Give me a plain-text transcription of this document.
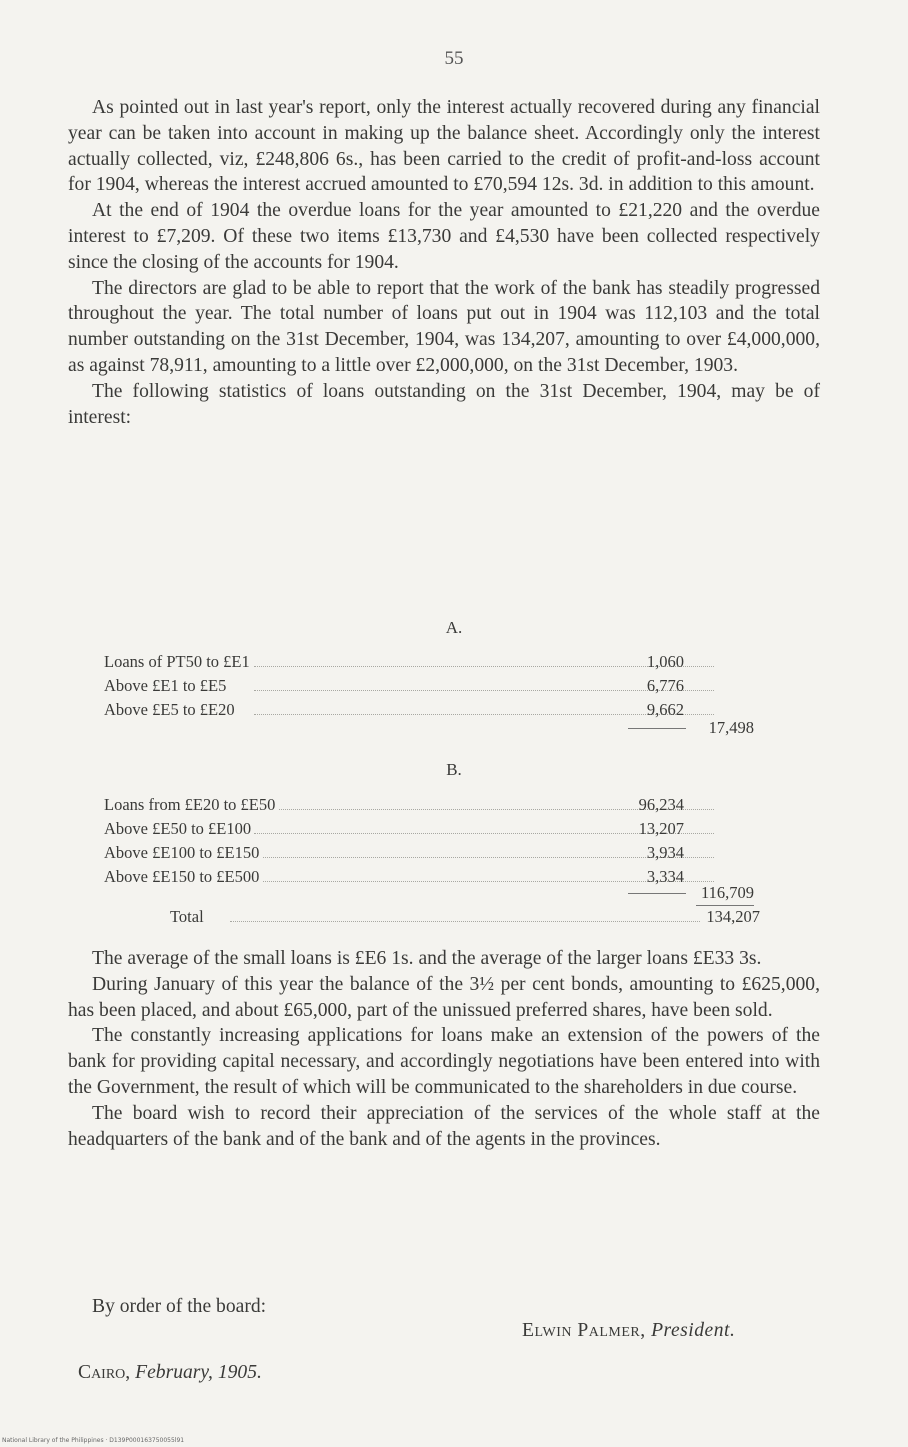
55

As pointed out in last year's report, only the interest actually recovered during any financial year can be taken into account in making up the balance sheet. Accordingly only the interest actually collected, viz, £248,806 6s., has been carried to the credit of profit-and-loss account for 1904, whereas the interest accrued amounted to £70,594 12s. 3d. in addition to this amount.

At the end of 1904 the overdue loans for the year amounted to £21,220 and the overdue interest to £7,209. Of these two items £13,730 and £4,530 have been collected respectively since the closing of the accounts for 1904.

The directors are glad to be able to report that the work of the bank has steadily progressed throughout the year. The total number of loans put out in 1904 was 112,103 and the total number outstanding on the 31st December, 1904, was 134,207, amounting to over £4,000,000, as against 78,911, amounting to a little over £2,000,000, on the 31st December, 1903.

The following statistics of loans outstanding on the 31st December, 1904, may be of interest:

A.
Loans of PT50 to £E1	1,060
Above £E1 to £E5	6,776
Above £E5 to £E20	9,662
17,498
B.
Loans from £E20 to £E50	96,234
Above £E50 to £E100	13,207
Above £E100 to £E150	3,934
Above £E150 to £E500	3,334
116,709
Total	134,207

The average of the small loans is £E6 1s. and the average of the larger loans £E33 3s.

During January of this year the balance of the 3½ per cent bonds, amounting to £625,000, has been placed, and about £65,000, part of the unissued preferred shares, have been sold.

The constantly increasing applications for loans make an extension of the powers of the bank for providing capital necessary, and accordingly negotiations have been entered into with the Government, the result of which will be communicated to the shareholders in due course.

The board wish to record their appreciation of the services of the whole staff at the headquarters of the bank and of the bank and of the agents in the provinces.

By order of the board:
Elwin Palmer, President.
Cairo, February, 1905.
National Library of the Philippines · D139P000163750055l91
